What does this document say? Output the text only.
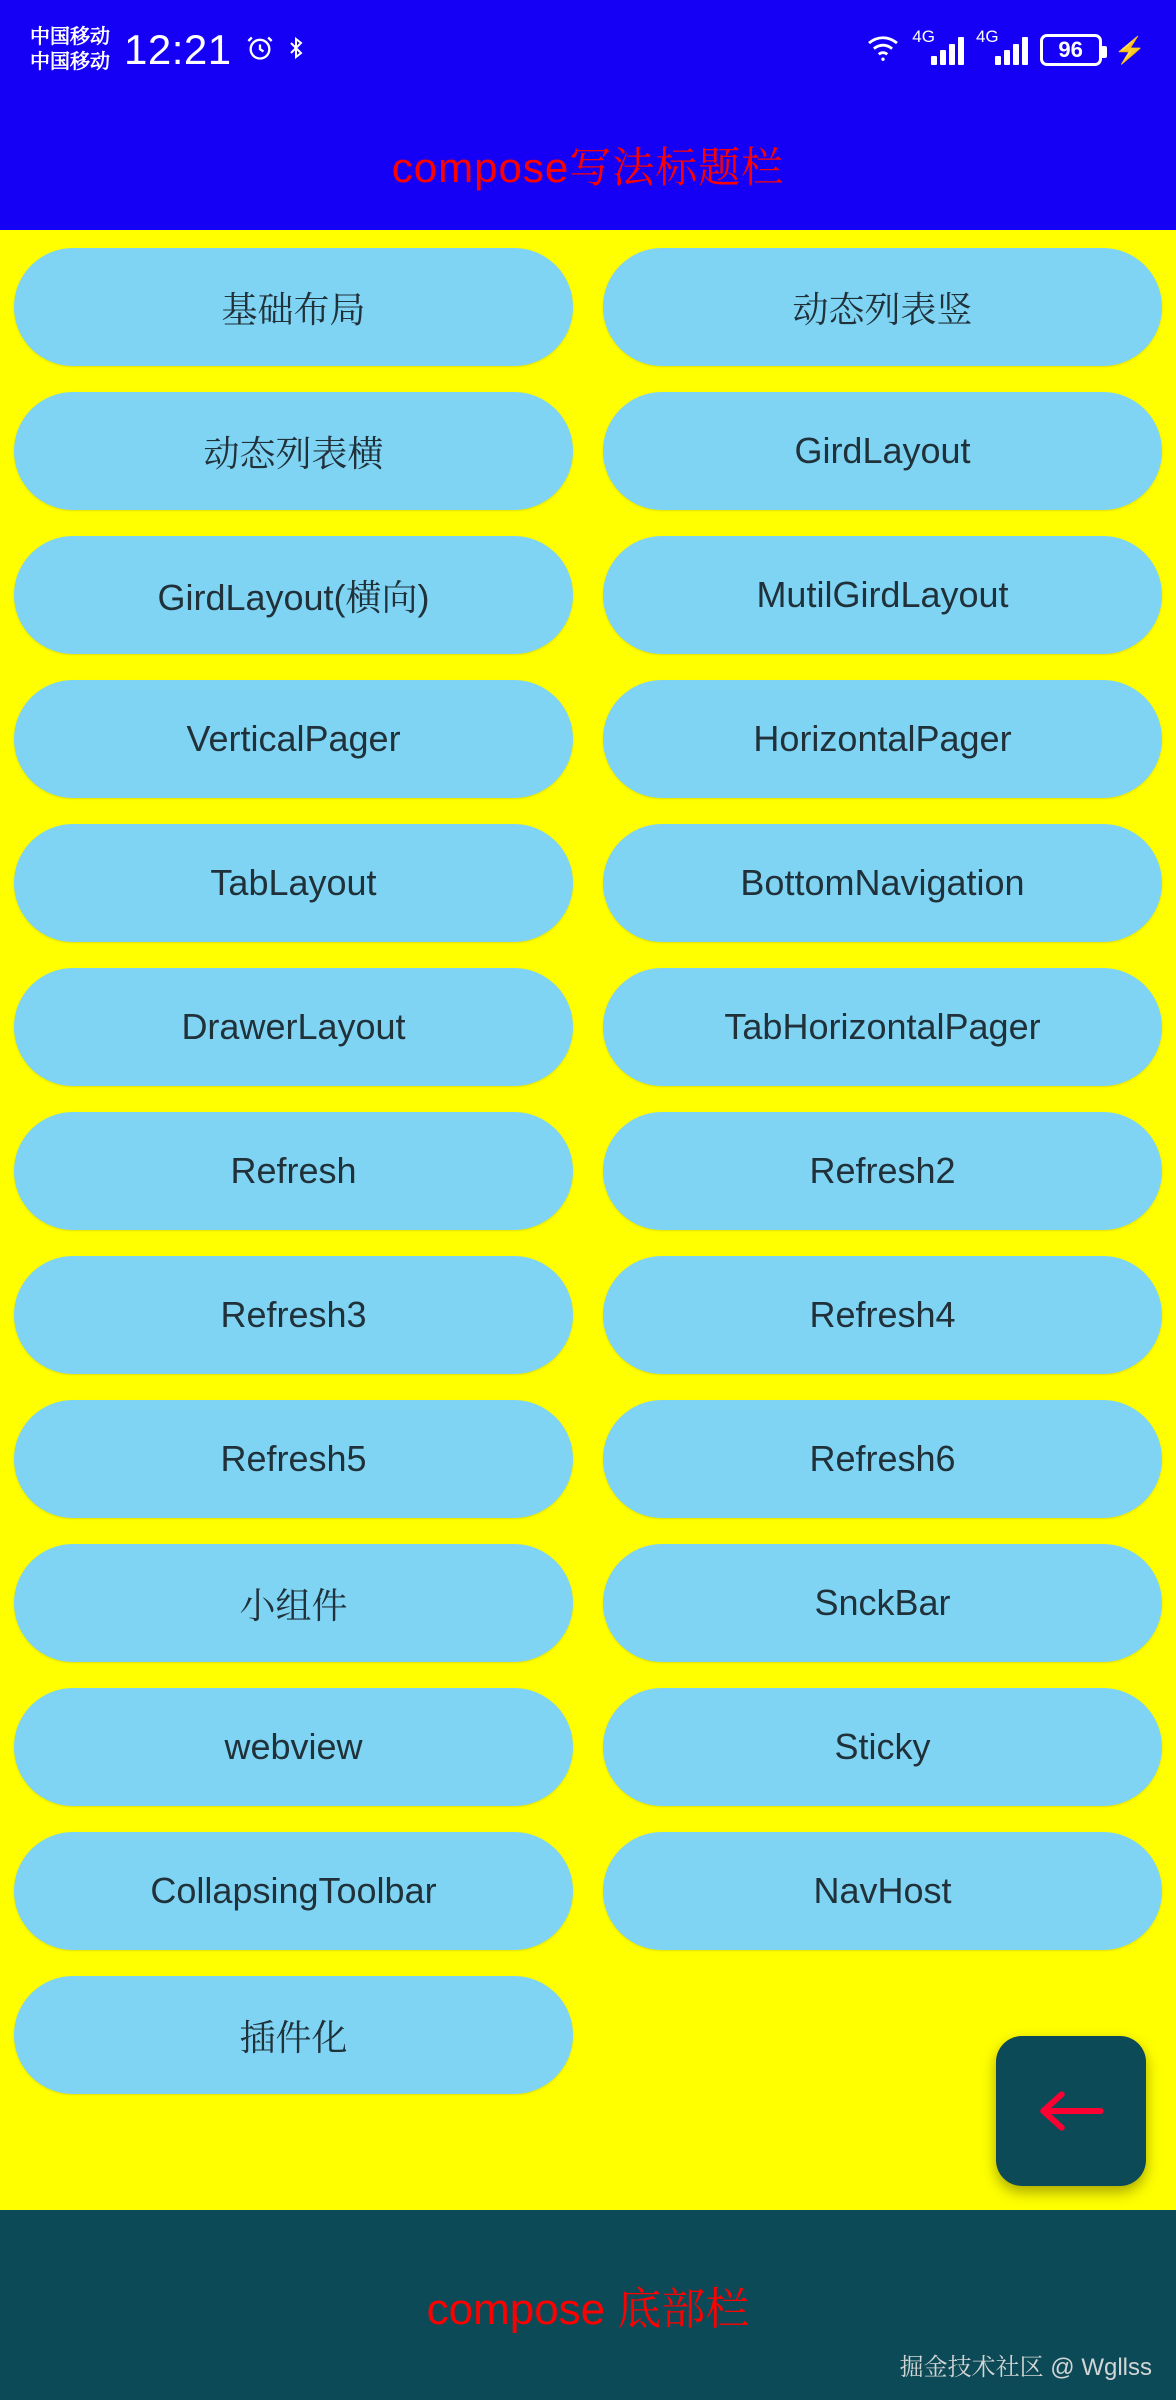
中国移动
中国移动 12:21	4G 4G
96 ⚡
compose写法标题栏
基础布局	动态列表竖
动态列表横	GirdLayout
GirdLayout(横向)	MutilGirdLayout
VerticalPager	HorizontalPager
TabLayout	BottomNavigation
DrawerLayout	TabHorizontalPager
Refresh	Refresh2
Refresh3	Refresh4
Refresh5	Refresh6
小组件	SnckBar
webview	Sticky
CollapsingToolbar	NavHost
插件化
compose 底部栏
掘金技术社区 @ Wgllss
